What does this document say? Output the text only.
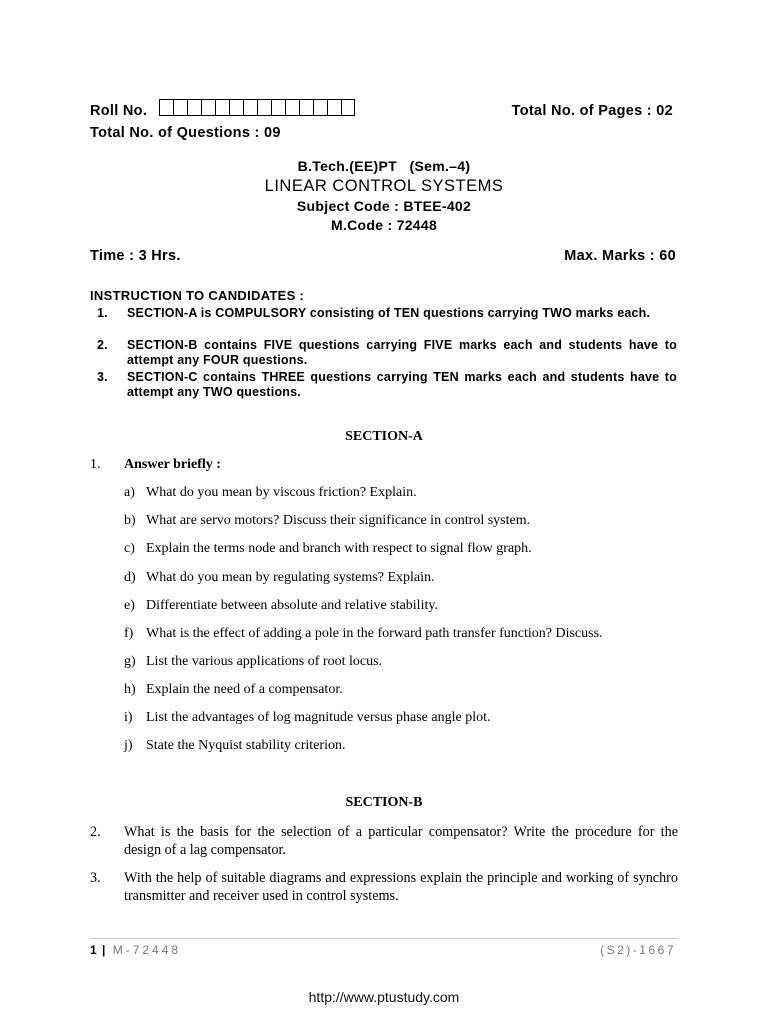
Roll No.	Total No. of Pages : 02
Total No. of Questions : 09
B.Tech.(EE)PT   (Sem.–4)
LINEAR CONTROL SYSTEMS
Subject Code : BTEE-402
M.Code : 72448
Time : 3 Hrs.	Max. Marks : 60
INSTRUCTION TO CANDIDATES :
1.	SECTION-A is COMPULSORY consisting of TEN questions carrying TWO marks each.
2.	SECTION-B contains FIVE questions carrying FIVE marks each and students have to attempt any FOUR questions.
3.	SECTION-C contains THREE questions carrying TEN marks each and students have to attempt any TWO questions.
SECTION-A
1. Answer briefly :
a) What do you mean by viscous friction? Explain.
b) What are servo motors? Discuss their significance in control system.
c) Explain the terms node and branch with respect to signal flow graph.
d) What do you mean by regulating systems? Explain.
e) Differentiate between absolute and relative stability.
f) What is the effect of adding a pole in the forward path transfer function? Discuss.
g) List the various applications of root locus.
h) Explain the need of a compensator.
i) List the advantages of log magnitude versus phase angle plot.
j) State the Nyquist stability criterion.
SECTION-B
2. What is the basis for the selection of a particular compensator? Write the procedure for the design of a lag compensator.
3. With the help of suitable diagrams and expressions explain the principle and working of synchro transmitter and receiver used in control systems.
1 | M-72448	(S2)-1667
http://www.ptustudy.com
